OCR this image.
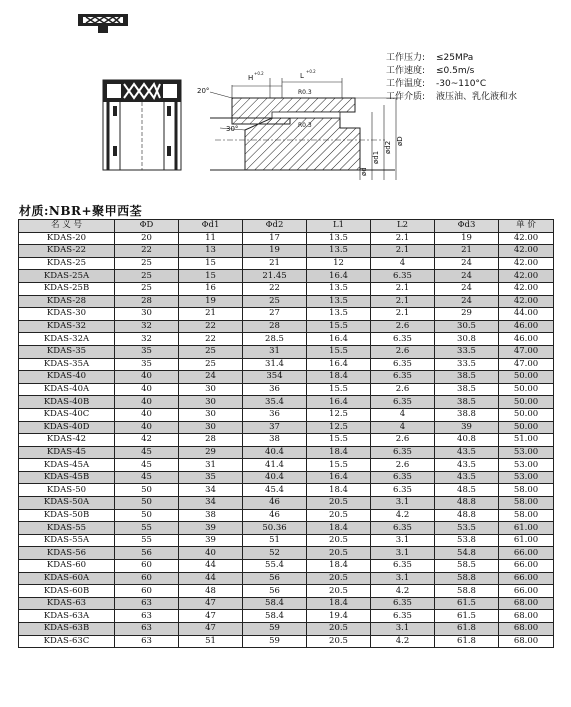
20°
30°
H
+0.2	L
+0.2
R0.3
R0.3
ød
ød1
ød2 øD
工作压力:	≤25MPa
工作速度:	≤0.5m/s
工作温度:	-30~110°C
工作介质:	液压油、乳化液和水
材质:NBR+聚甲西荃
名 义 号	ΦD	Φd1	Φd2	L1	L2	Φd3	单 价
KDAS-20	20	11	17	13.5	2.1	19	42.00
KDAS-22	22	13	19	13.5	2.1	21	42.00
KDAS-25	25	15	21	12	4	24	42.00
KDAS-25A	25	15	21.45	16.4	6.35	24	42.00
KDAS-25B	25	16	22	13.5	2.1	24	42.00
KDAS-28	28	19	25	13.5	2.1	24	42.00
KDAS-30	30	21	27	13.5	2.1	29	44.00
KDAS-32	32	22	28	15.5	2.6	30.5	46.00
KDAS-32A	32	22	28.5	16.4	6.35	30.8	46.00
KDAS-35	35	25	31	15.5	2.6	33.5	47.00
KDAS-35A	35	25	31.4	16.4	6.35	33.5	47.00
KDAS-40	40	24	354	18.4	6.35	38.5	50.00
KDAS-40A	40	30	36	15.5	2.6	38.5	50.00
KDAS-40B	40	30	35.4	16.4	6.35	38.5	50.00
KDAS-40C	40	30	36	12.5	4	38.8	50.00
KDAS-40D	40	30	37	12.5	4	39	50.00
KDAS-42	42	28	38	15.5	2.6	40.8	51.00
KDAS-45	45	29	40.4	18.4	6.35	43.5	53.00
KDAS-45A	45	31	41.4	15.5	2.6	43.5	53.00
KDAS-45B	45	35	40.4	16.4	6.35	43.5	53.00
KDAS-50	50	34	45.4	18.4	6.35	48.5	58.00
KDAS-50A	50	34	46	20.5	3.1	48.8	58.00
KDAS-50B	50	38	46	20.5	4.2	48.8	58.00
KDAS-55	55	39	50.36	18.4	6.35	53.5	61.00
KDAS-55A	55	39	51	20.5	3.1	53.8	61.00
KDAS-56	56	40	52	20.5	3.1	54.8	66.00
KDAS-60	60	44	55.4	18.4	6.35	58.5	66.00
KDAS-60A	60	44	56	20.5	3.1	58.8	66.00
KDAS-60B	60	48	56	20.5	4.2	58.8	66.00
KDAS-63	63	47	58.4	18.4	6.35	61.5	68.00
KDAS-63A	63	47	58.4	19.4	6.35	61.5	68.00
KDAS-63B	63	47	59	20.5	3.1	61.8	68.00
KDAS-63C	63	51	59	20.5	4.2	61.8	68.00
